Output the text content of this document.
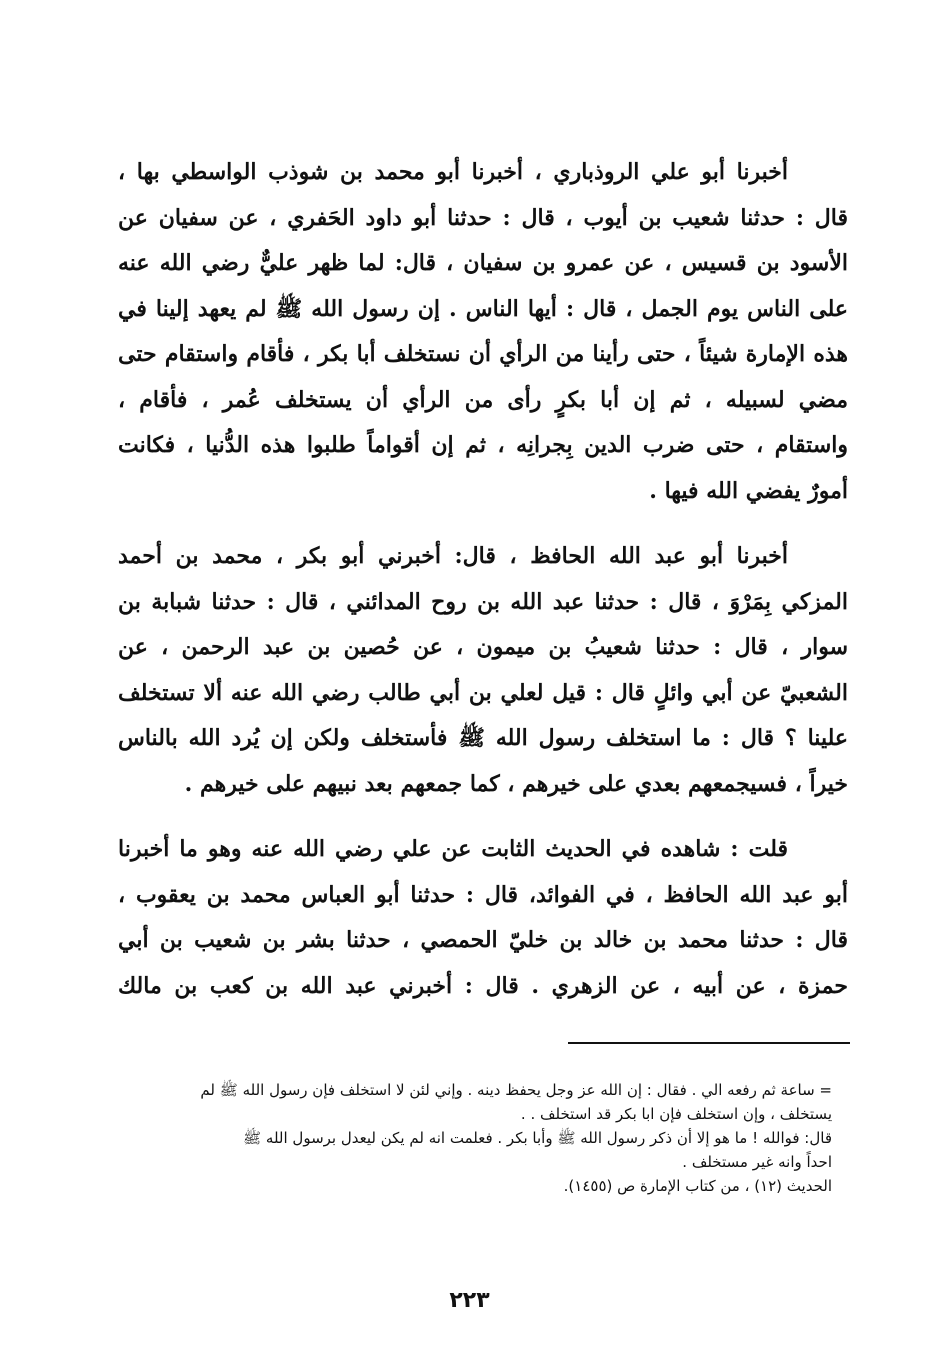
أخبرنا أبو علي الروذباري ، أخبرنا أبو محمد بن شوذب الواسطي بها ،
قال : حدثنا شعيب بن أيوب ، قال : حدثنا أبو داود الحَفري ، عن سفيان عن
الأسود بن قسيس ، عن عمرو بن سفيان ، قال: لما ظهر عليٌّ رضي الله عنه
على الناس يوم الجمل ، قال : أيها الناس . إن رسول الله ﷺ لم يعهد إلينا في
هذه الإمارة شيئاً ، حتى رأينا من الرأي أن نستخلف أبا بكر ، فأقام واستقام حتى
مضي لسبيله ، ثم إن أبا بكرٍ رأى من الرأي أن يستخلف عُمر ، فأقام ،
واستقام ، حتى ضرب الدين بِجرانِه ، ثم إن أقواماً طلبوا هذه الدُّنيا ، فكانت
أمورٌ يفضي الله فيها .

أخبرنا أبو عبد الله الحافظ ، قال: أخبرني أبو بكر ، محمد بن أحمد
المزكي بِمَرْوَ ، قال : حدثنا عبد الله بن روح المدائني ، قال : حدثنا شبابة بن
سوار ، قال : حدثنا شعيبُ بن ميمون ، عن حُصين بن عبد الرحمن ، عن
الشعبيّ عن أبي وائلٍ قال : قيل لعلي بن أبي طالب رضي الله عنه ألا تستخلف
علينا ؟ قال : ما استخلف رسول الله ﷺ فأستخلف ولكن إن يُرد الله بالناس
خيراً ، فسيجمعهم بعدي على خيرهم ، كما جمعهم بعد نبيهم على خيرهم .

قلت : شاهده في الحديث الثابت عن علي رضي الله عنه وهو ما أخبرنا
أبو عبد الله الحافظ ، في الفوائد، قال : حدثنا أبو العباس محمد بن يعقوب ،
قال : حدثنا محمد بن خالد بن خليّ الحمصي ، حدثنا بشر بن شعيب بن أبي
حمزة ، عن أبيه ، عن الزهري . قال : أخبرني عبد الله بن كعب بن مالك

= ساعة ثم رفعه الي . فقال : إن الله عز وجل يحفظ دينه . وإني لئن لا استخلف فإن رسول الله ﷺ لم
يستخلف ، وإن استخلف فإن ابا بكر قد استخلف . .
قال: فوالله ! ما هو إلا أن ذكر رسول الله ﷺ وأبا بكر . فعلمت انه لم يكن ليعدل برسول الله ﷺ
احداً وانه غير مستخلف .
الحديث (١٢) ، من كتاب الإمارة ص (١٤٥٥).
٢٢٣
